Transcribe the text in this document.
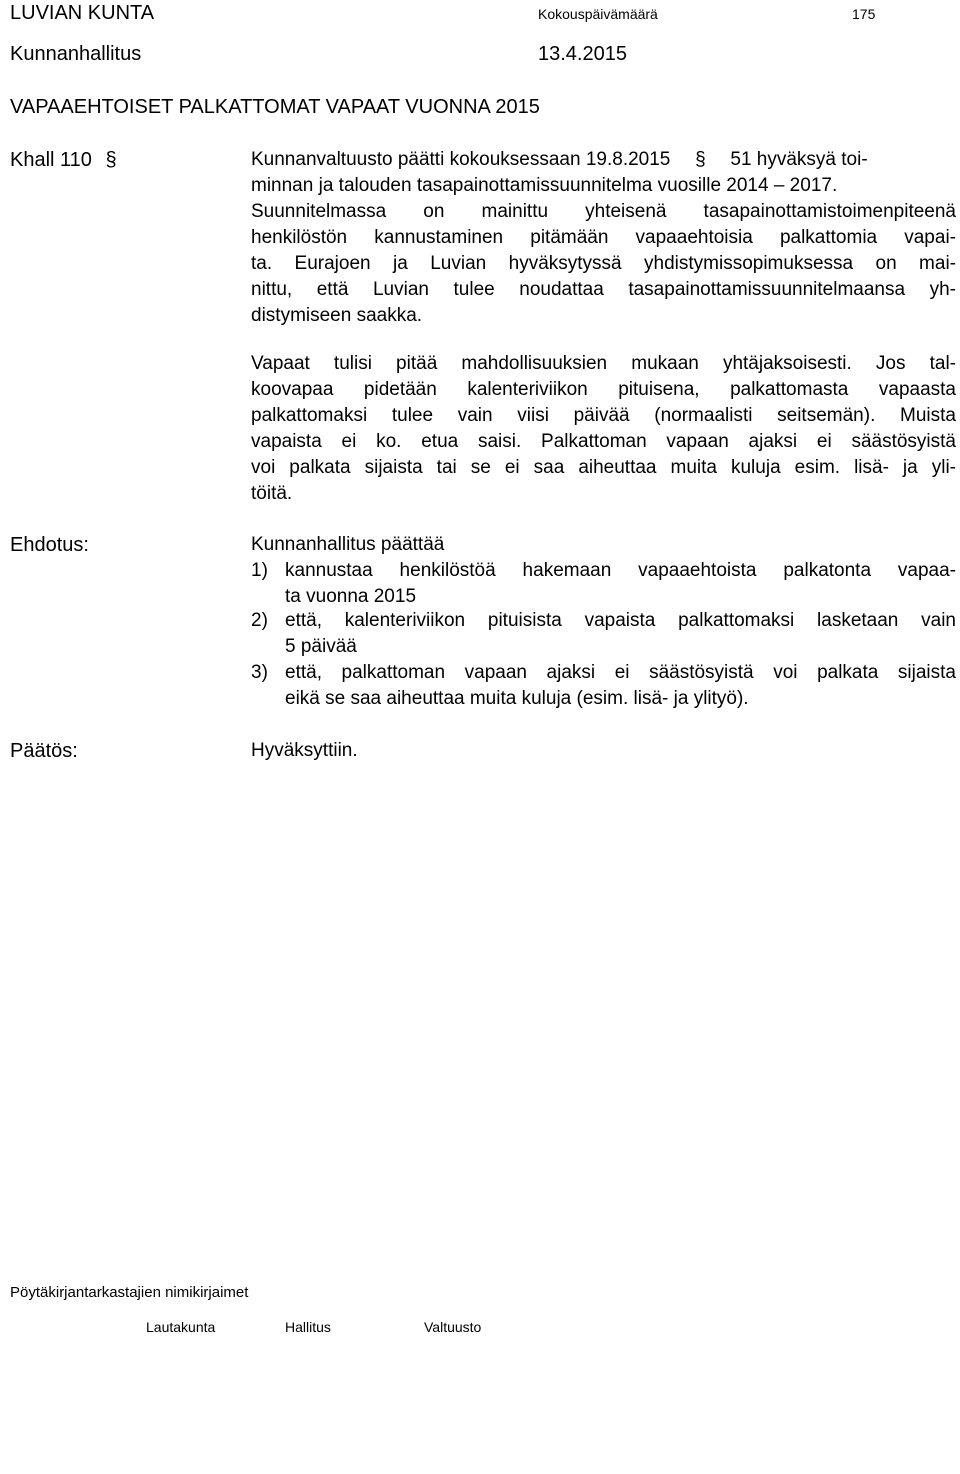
LUVIAN KUNTA	Kokouspäivämäärä	175
Kunnanhallitus	13.4.2015
VAPAAEHTOISET PALKATTOMAT VAPAAT VUONNA 2015
Khall 110 §	Kunnanvaltuusto päätti kokouksessaan 19.8.2015 § 51 hyväksyä toi-
minnan ja talouden tasapainottamissuunnitelma vuosille 2014 – 2017.
Suunnitelmassa on mainittu yhteisenä tasapainottamistoimenpiteenä
henkilöstön kannustaminen pitämään vapaaehtoisia palkattomia vapai-
ta. Eurajoen ja Luvian hyväksytyssä yhdistymissopimuksessa on mai-
nittu, että Luvian tulee noudattaa tasapainottamissuunnitelmaansa yh-
distymiseen saakka.
Vapaat tulisi pitää mahdollisuuksien mukaan yhtäjaksoisesti. Jos tal-
koovapaa pidetään kalenteriviikon pituisena, palkattomasta vapaasta
palkattomaksi tulee vain viisi päivää (normaalisti seitsemän). Muista
vapaista ei ko. etua saisi. Palkattoman vapaan ajaksi ei säästösyistä
voi palkata sijaista tai se ei saa aiheuttaa muita kuluja esim. lisä- ja yli-
töitä.
Ehdotus:	Kunnanhallitus päättää
1) kannustaa henkilöstöä hakemaan vapaaehtoista palkatonta vapaa-
ta vuonna 2015
2) että, kalenteriviikon pituisista vapaista palkattomaksi lasketaan vain
5 päivää
3) että, palkattoman vapaan ajaksi ei säästösyistä voi palkata sijaista
eikä se saa aiheuttaa muita kuluja (esim. lisä- ja ylityö).
Päätös:	Hyväksyttiin.
Pöytäkirjantarkastajien nimikirjaimet
Lautakunta	Hallitus	Valtuusto
